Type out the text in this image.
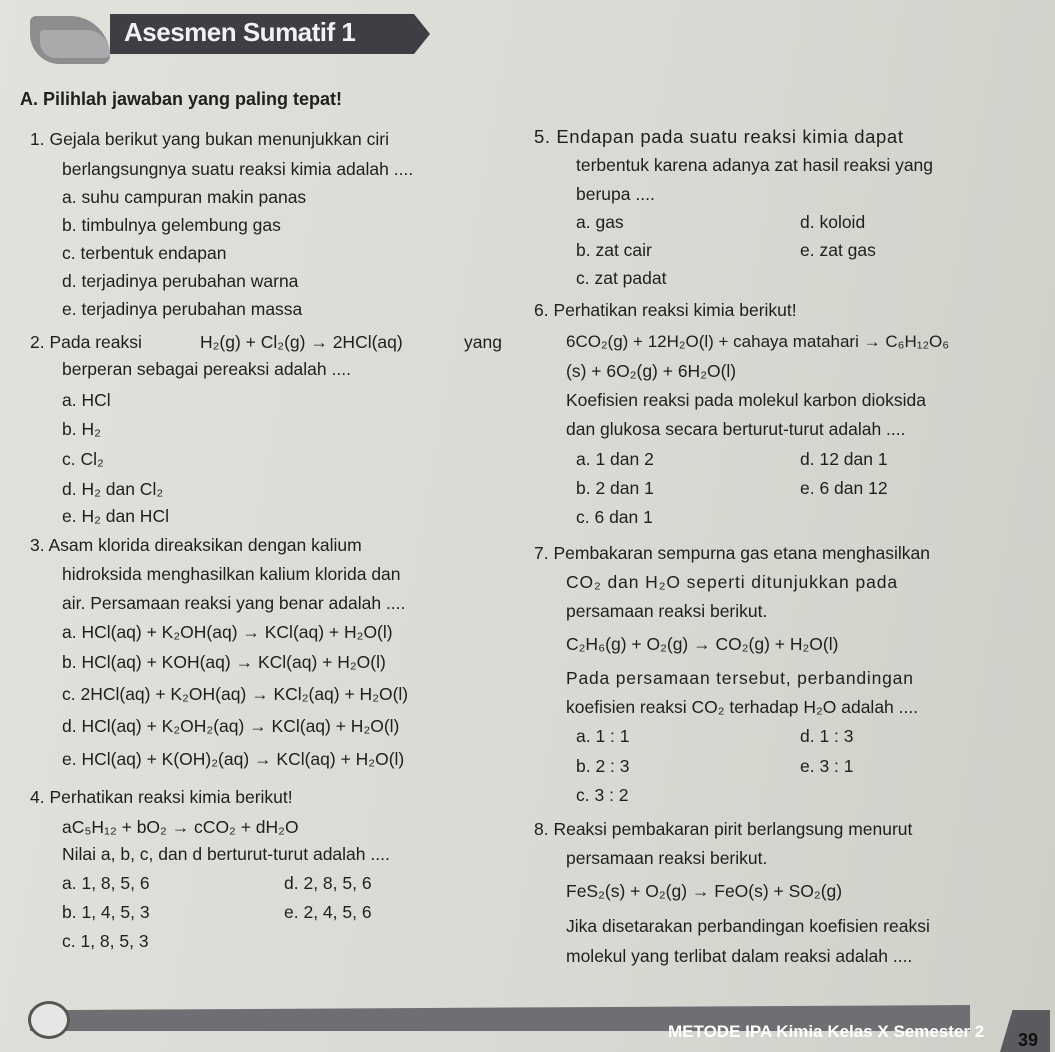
Asesmen Sumatif 1
A. Pilihlah jawaban yang paling tepat!
1. Gejala berikut yang bukan menunjukkan ciri
berlangsungnya suatu reaksi kimia adalah ....
a. suhu campuran makin panas
b. timbulnya gelembung gas
c. terbentuk endapan
d. terjadinya perubahan warna
e. terjadinya perubahan massa
2. Pada reaksi	H₂(g) + Cl₂(g) → 2HCl(aq)	yang
berperan sebagai pereaksi adalah ....
a. HCl
b. H₂
c. Cl₂
d. H₂ dan Cl₂
e. H₂ dan HCl
3. Asam klorida direaksikan dengan kalium
hidroksida menghasilkan kalium klorida dan
air. Persamaan reaksi yang benar adalah ....
a. HCl(aq) + K₂OH(aq) → KCl(aq) + H₂O(l)
b. HCl(aq) + KOH(aq) → KCl(aq) + H₂O(l)
c. 2HCl(aq) + K₂OH(aq) → KCl₂(aq) + H₂O(l)
d. HCl(aq) + K₂OH₂(aq) → KCl(aq) + H₂O(l)
e. HCl(aq) + K(OH)₂(aq) → KCl(aq) + H₂O(l)
4. Perhatikan reaksi kimia berikut!
aC₅H₁₂ + bO₂ → cCO₂ + dH₂O
Nilai a, b, c, dan d berturut-turut adalah ....
a. 1, 8, 5, 6
b. 1, 4, 5, 3
c. 1, 8, 5, 3
d. 2, 8, 5, 6
e. 2, 4, 5, 6
5. Endapan pada suatu reaksi kimia dapat
terbentuk karena adanya zat hasil reaksi yang
berupa ....
a. gas
b. zat cair
c. zat padat
d. koloid
e. zat gas
6. Perhatikan reaksi kimia berikut!
6CO₂(g) + 12H₂O(l) + cahaya matahari → C₆H₁₂O₆
(s) + 6O₂(g) + 6H₂O(l)
Koefisien reaksi pada molekul karbon dioksida
dan glukosa secara berturut-turut adalah ....
a. 1 dan 2
b. 2 dan 1
c. 6 dan 1
d. 12 dan 1
e. 6 dan 12
7. Pembakaran sempurna gas etana menghasilkan
CO₂ dan H₂O seperti ditunjukkan pada
persamaan reaksi berikut.
C₂H₆(g) + O₂(g) → CO₂(g) + H₂O(l)
Pada persamaan tersebut, perbandingan
koefisien reaksi CO₂ terhadap H₂O adalah ....
a. 1 : 1
b. 2 : 3
c. 3 : 2
d. 1 : 3
e. 3 : 1
8. Reaksi pembakaran pirit berlangsung menurut
persamaan reaksi berikut.
FeS₂(s) + O₂(g) → FeO(s) + SO₂(g)
Jika disetarakan perbandingan koefisien reaksi
molekul yang terlibat dalam reaksi adalah ....
METODE IPA Kimia Kelas X Semester 2 39
